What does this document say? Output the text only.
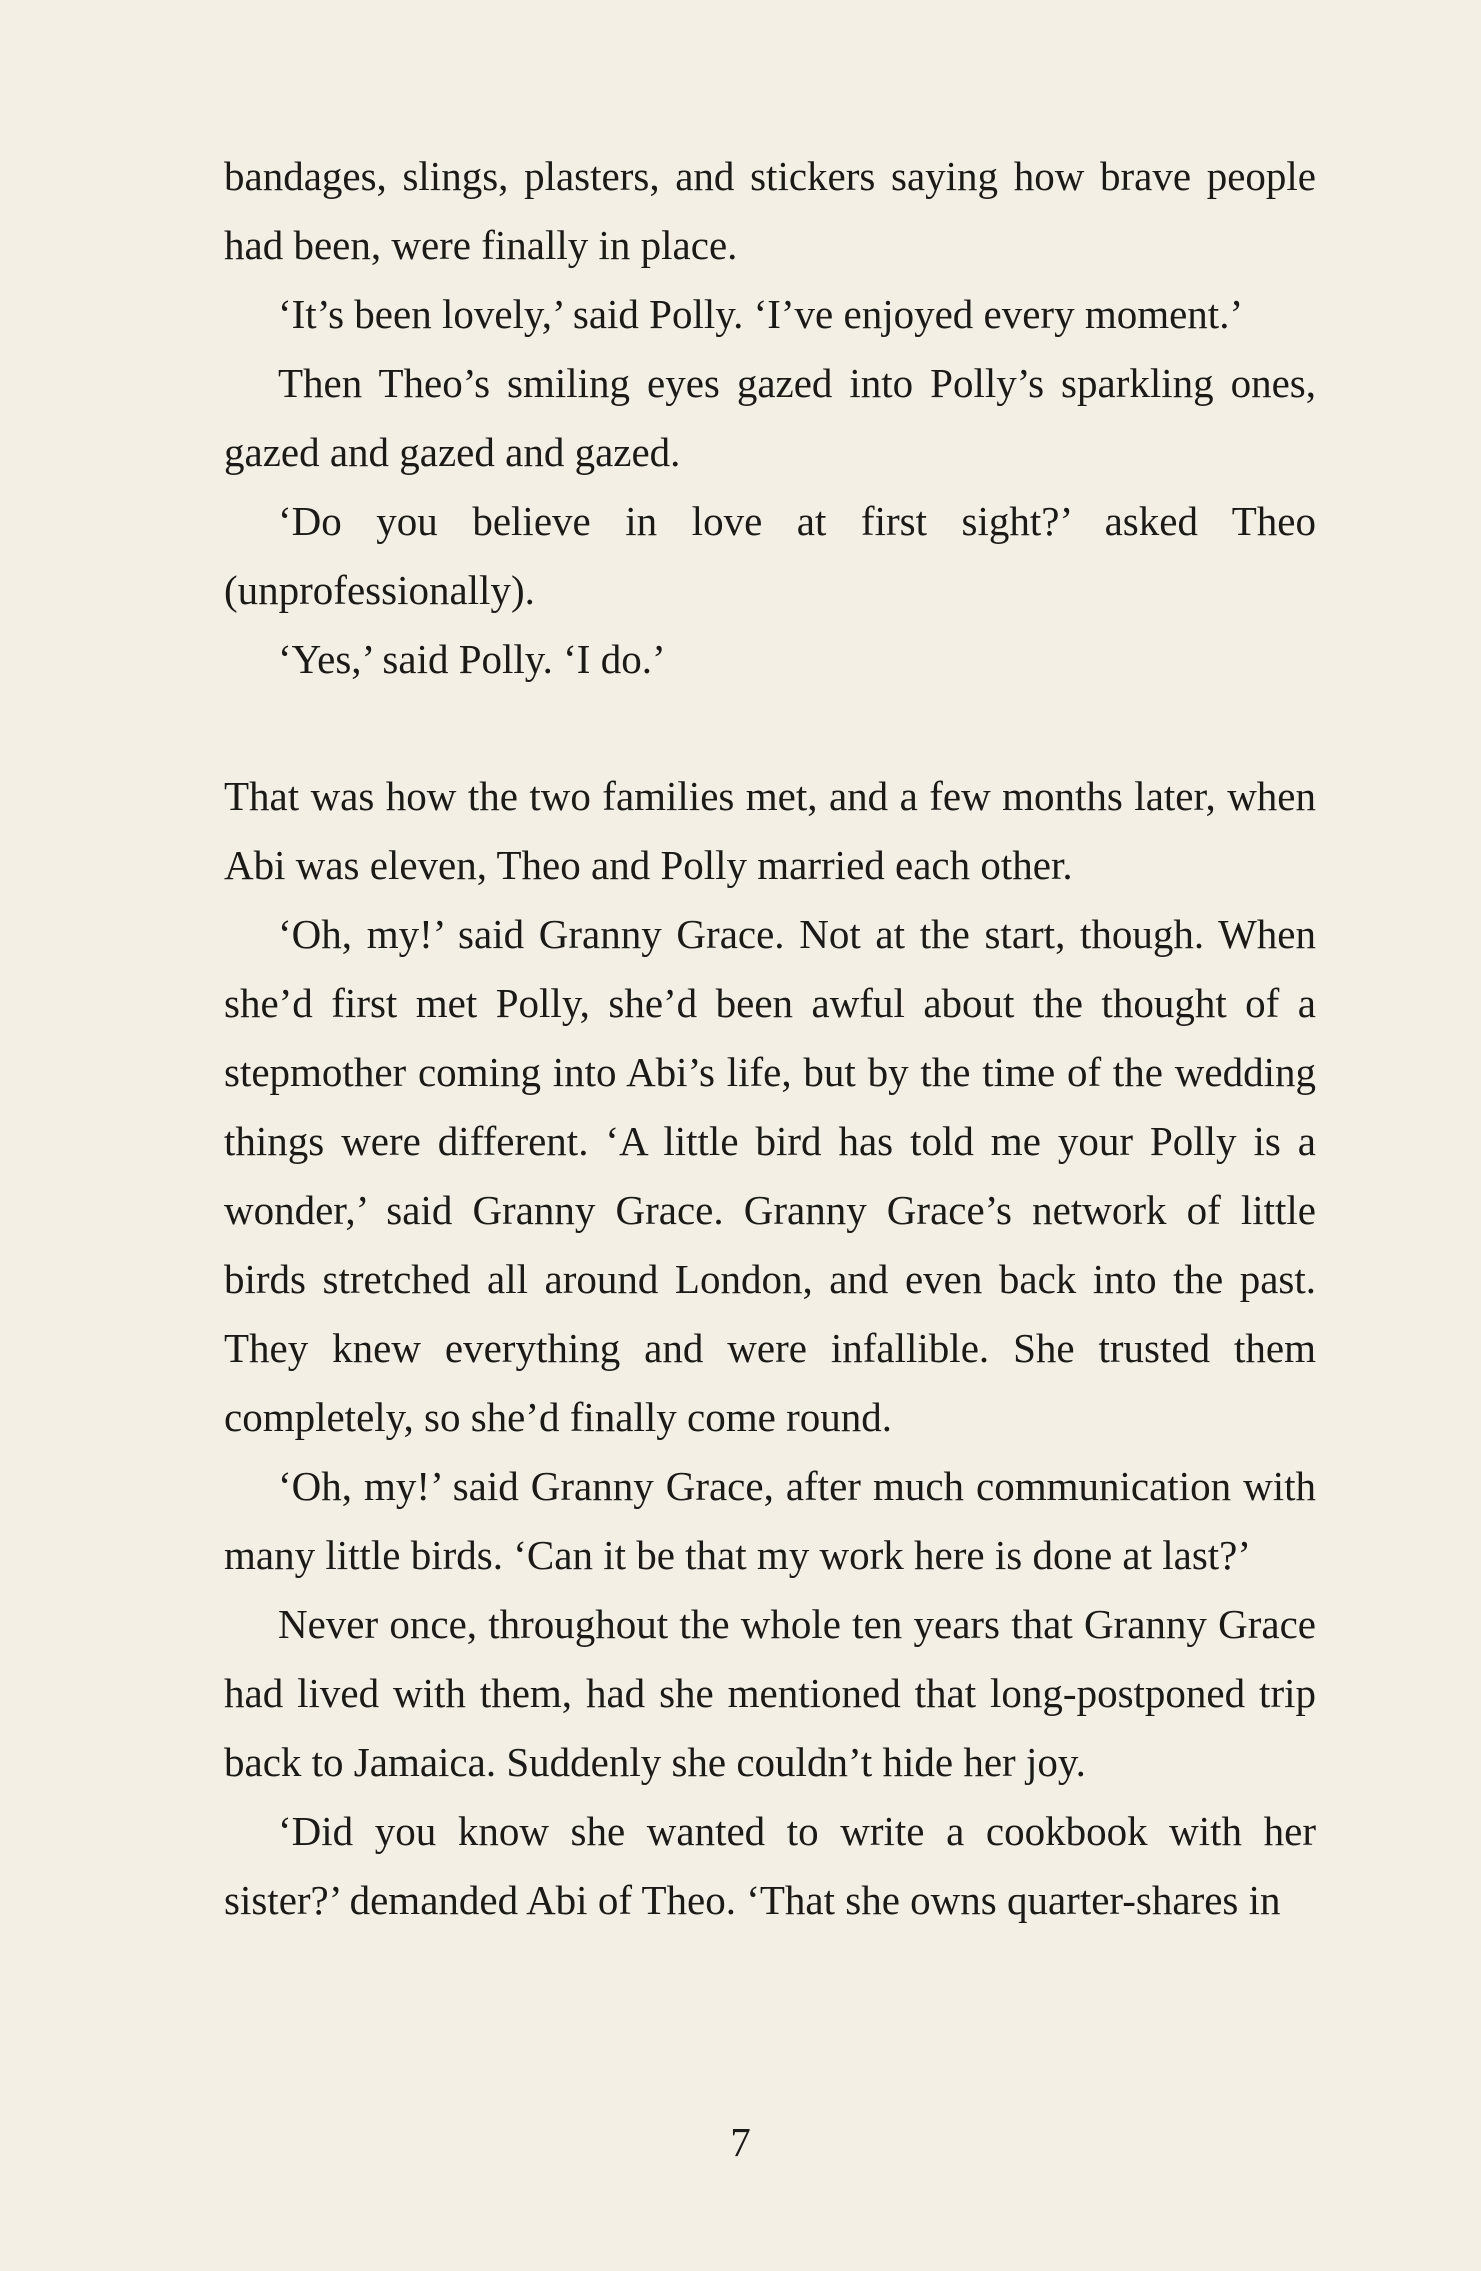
bandages, slings, plasters, and stickers saying how brave people had been, were finally in place.

‘It’s been lovely,’ said Polly. ‘I’ve enjoyed every moment.’

Then Theo’s smiling eyes gazed into Polly’s sparkling ones, gazed and gazed and gazed.

‘Do you believe in love at first sight?’ asked Theo (unprofessionally).

‘Yes,’ said Polly. ‘I do.’

That was how the two families met, and a few months later, when Abi was eleven, Theo and Polly married each other.

‘Oh, my!’ said Granny Grace. Not at the start, though. When she’d first met Polly, she’d been awful about the thought of a stepmother coming into Abi’s life, but by the time of the wedding things were different. ‘A little bird has told me your Polly is a wonder,’ said Granny Grace. Granny Grace’s network of little birds stretched all around London, and even back into the past. They knew everything and were infallible. She trusted them completely, so she’d finally come round.

‘Oh, my!’ said Granny Grace, after much communication with many little birds. ‘Can it be that my work here is done at last?’

Never once, throughout the whole ten years that Granny Grace had lived with them, had she mentioned that long-postponed trip back to Jamaica. Suddenly she couldn’t hide her joy.

‘Did you know she wanted to write a cookbook with her sister?’ demanded Abi of Theo. ‘That she owns quarter-shares in

7
